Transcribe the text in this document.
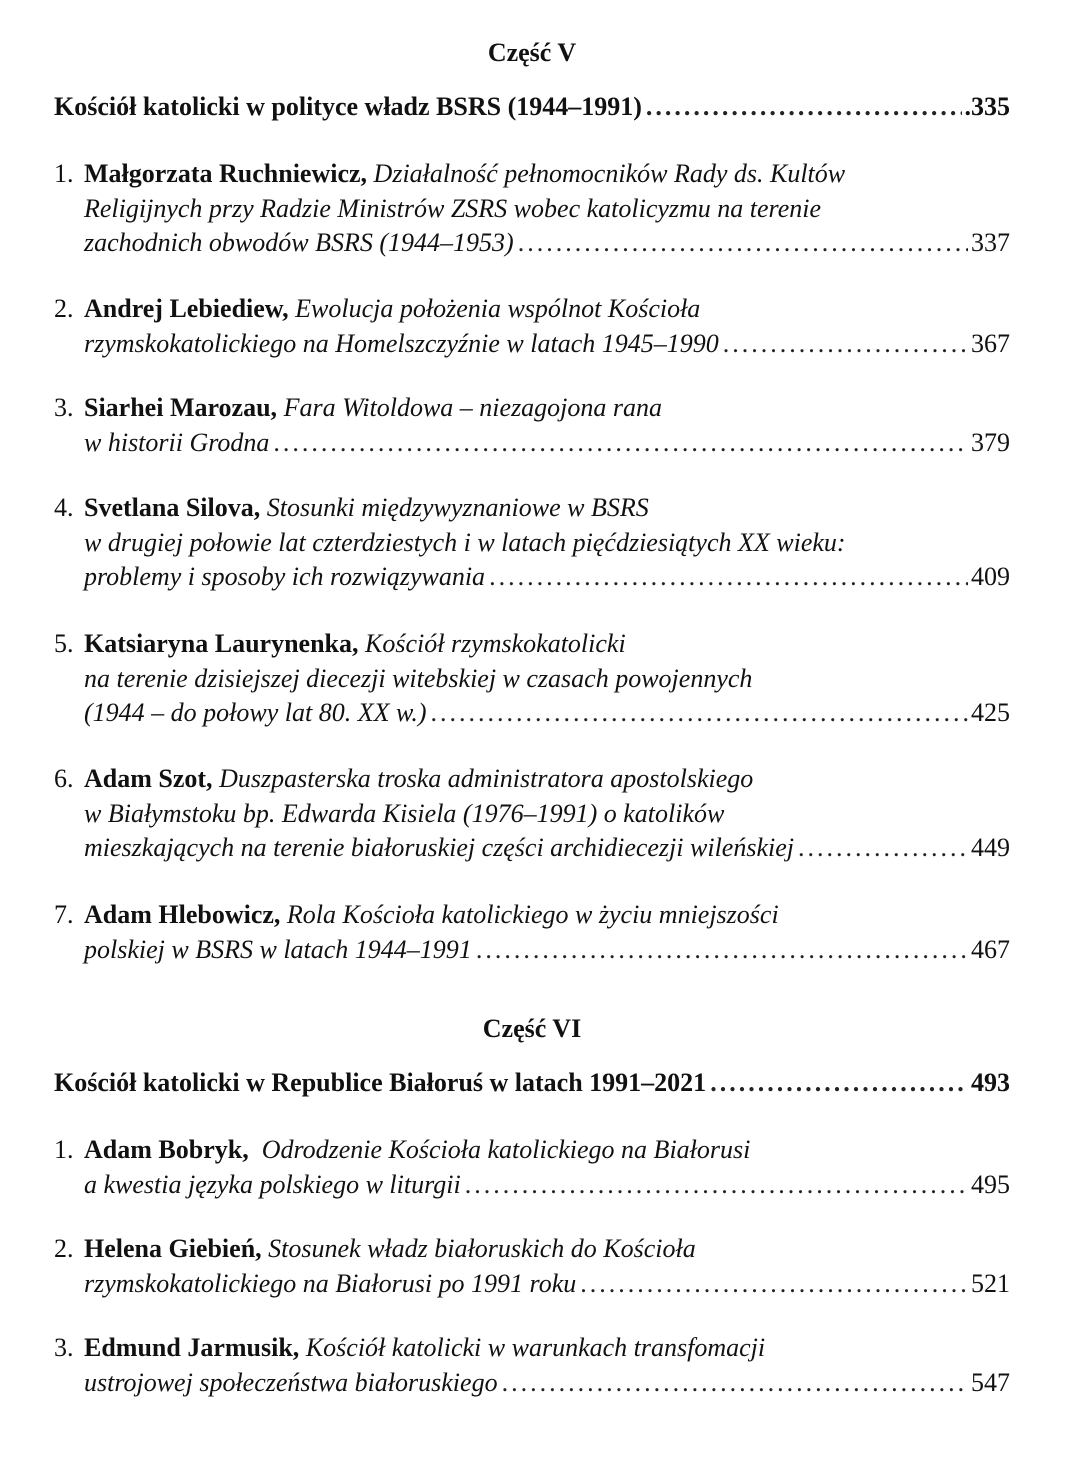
Część V
Kościół katolicki w polityce władz BSRS (1944–1991) .....	.335
1. Małgorzata Ruchniewicz,
Działalność pełnomocników Rady ds. Kultów
Religijnych przy Radzie Ministrów ZSRS wobec katolicyzmu na terenie
zachodnich obwodów BSRS (1944–1953) .....	337
2. Andrej Lebiediew,
Ewolucja położenia wspólnot Kościoła
rzymskokatolickiego na Homelszczyźnie w latach 1945–1990 .....	367
3. Siarhei Marozau,
Fara Witoldowa – niezagojona rana
w historii Grodna .....	379
4. Svetlana Silova,
Stosunki międzywyznaniowe w BSRS
w drugiej połowie lat czterdziestych i w latach pięćdziesiątych XX wieku:
problemy i sposoby ich rozwiązywania .....	409
5. Katsiaryna Laurynenka,
Kościół rzymskokatolicki
na terenie dzisiejszej diecezji witebskiej w czasach powojennych
(1944 – do połowy lat 80. XX w.) .....	425
6. Adam Szot,
Duszpasterska troska administratora apostolskiego
w Białymstoku bp. Edwarda Kisiela (1976–1991) o katolików
mieszkających na terenie białoruskiej części archidiecezji wileńskiej .....	449
7. Adam Hlebowicz,
Rola Kościoła katolickiego w życiu mniejszości
polskiej w BSRS w latach 1944–1991 .....	467
Część VI
Kościół katolicki w Republice Białoruś w latach 1991–2021 .....	493
1. Adam Bobryk,
Odrodzenie Kościoła katolickiego na Białorusi
a kwestia języka polskiego w liturgii .....	495
2. Helena Giebień,
Stosunek władz białoruskich do Kościoła
rzymskokatolickiego na Białorusi po 1991 roku .....	521
3. Edmund Jarmusik,
Kościół katolicki w warunkach transfomacji
ustrojowej społeczeństwa białoruskiego .....	547
